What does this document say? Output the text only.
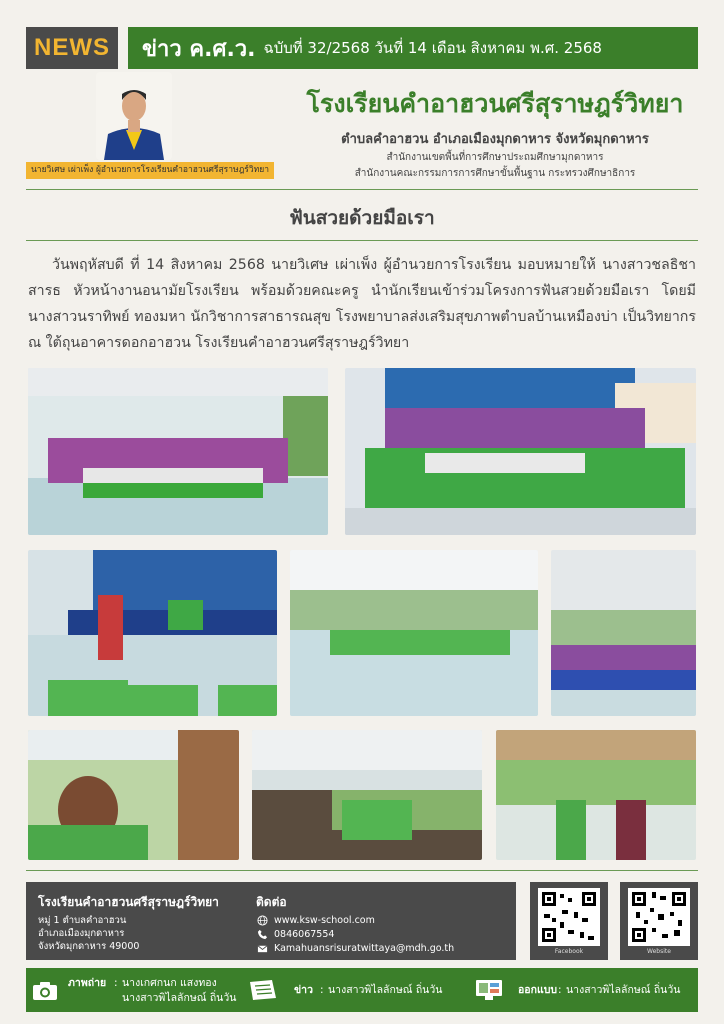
NEWS ข่าว ค.ศ.ว. ฉบับที่ 32/2568 วันที่ 14 เดือน สิงหาคม พ.ศ. 2568
นายวิเศษ เผ่าเพ็ง ผู้อำนวยการโรงเรียนคำอาฮวนศรีสุราษฎร์วิทยา
โรงเรียนคำอาฮวนศรีสุราษฎร์วิทยา
ตำบลคำอาฮวน อำเภอเมืองมุกดาหาร จังหวัดมุกดาหาร
สำนักงานเขตพื้นที่การศึกษาประถมศึกษามุกดาหาร
สำนักงานคณะกรรมการการศึกษาขั้นพื้นฐาน กระทรวงศึกษาธิการ
ฟันสวยด้วยมือเรา
วันพฤหัสบดี ที่ 14 สิงหาคม 2568 นายวิเศษ เผ่าเพ็ง ผู้อำนวยการโรงเรียน มอบหมายให้ นางสาวชลธิชา สารธ หัวหน้างานอนามัยโรงเรียน พร้อมด้วยคณะครู นำนักเรียนเข้าร่วมโครงการฟันสวยด้วยมือเรา โดยมี นางสาวนราทิพย์ ทองมหา นักวิชาการสาธารณสุข โรงพยาบาลส่งเสริมสุขภาพตำบลบ้านเหมืองบ่า เป็นวิทยากร ณ ใต้ถุนอาคารดอกอาฮวน โรงเรียนคำอาฮวนศรีสุราษฎร์วิทยา
โรงเรียนคำอาฮวนศรีสุราษฎร์วิทยา
หมู่ 1 ตำบลคำอาฮวน
อำเภอเมืองมุกดาหาร
จังหวัดมุกดาหาร 49000
ติดต่อ
www.ksw-school.com
0846067554
Kamahuansrisuratwittaya@mdh.go.th	Facebook	Website
ภาพถ่าย : นางเกศกนก แสงทอง
นางสาวพิไลลักษณ์ ถิ่นวัน
ข่าว : นางสาวพิไลลักษณ์ ถิ่นวัน	ออกแบบ : นางสาวพิไลลักษณ์ ถิ่นวัน
